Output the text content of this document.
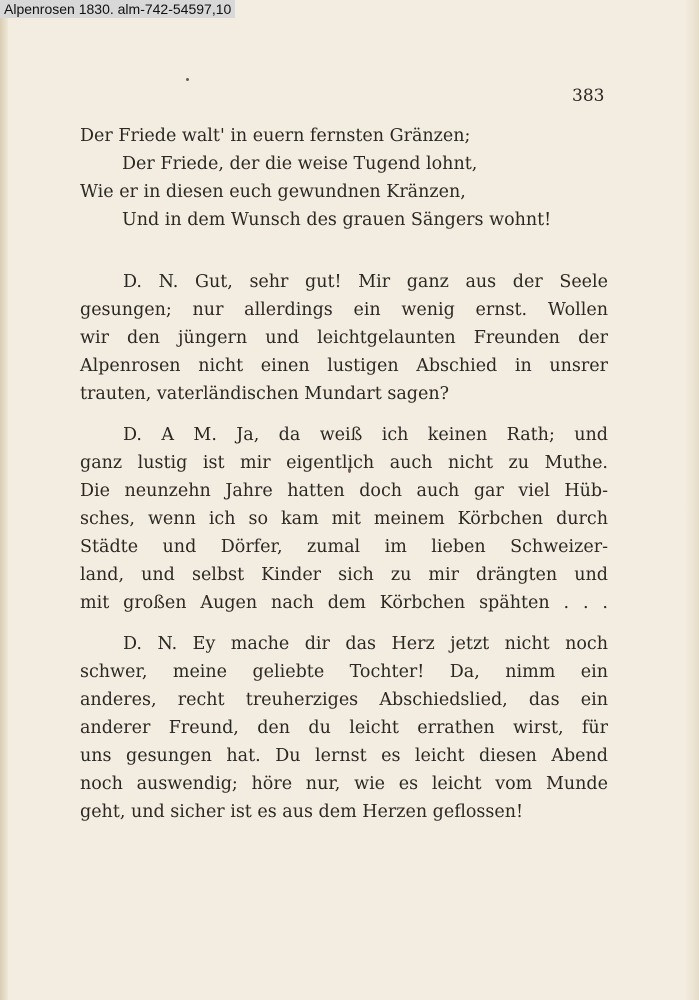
Alpenrosen 1830. alm-742-54597,10
383
Der Friede walt' in euern fernsten Gränzen;
Der Friede, der die weise Tugend lohnt,
Wie er in diesen euch gewundnen Kränzen,
Und in dem Wunsch des grauen Sängers wohnt!
D. N. Gut, sehr gut! Mir ganz aus der Seele
gesungen; nur allerdings ein wenig ernst. Wollen
wir den jüngern und leichtgelaunten Freunden der
Alpenrosen nicht einen lustigen Abschied in unsrer
trauten, vaterländischen Mundart sagen?
D. A M. Ja, da weiß ich keinen Rath; und
ganz lustig ist mir eigentlich auch nicht zu Muthe.
Die neunzehn Jahre hatten doch auch gar viel Hüb-
sches, wenn ich so kam mit meinem Körbchen durch
Städte und Dörfer, zumal im lieben Schweizer-
land, und selbst Kinder sich zu mir drängten und
mit großen Augen nach dem Körbchen spähten . . .
D. N. Ey mache dir das Herz jetzt nicht noch
schwer, meine geliebte Tochter! Da, nimm ein
anderes, recht treuherziges Abschiedslied, das ein
anderer Freund, den du leicht errathen wirst, für
uns gesungen hat. Du lernst es leicht diesen Abend
noch auswendig; höre nur, wie es leicht vom Munde
geht, und sicher ist es aus dem Herzen geflossen!
